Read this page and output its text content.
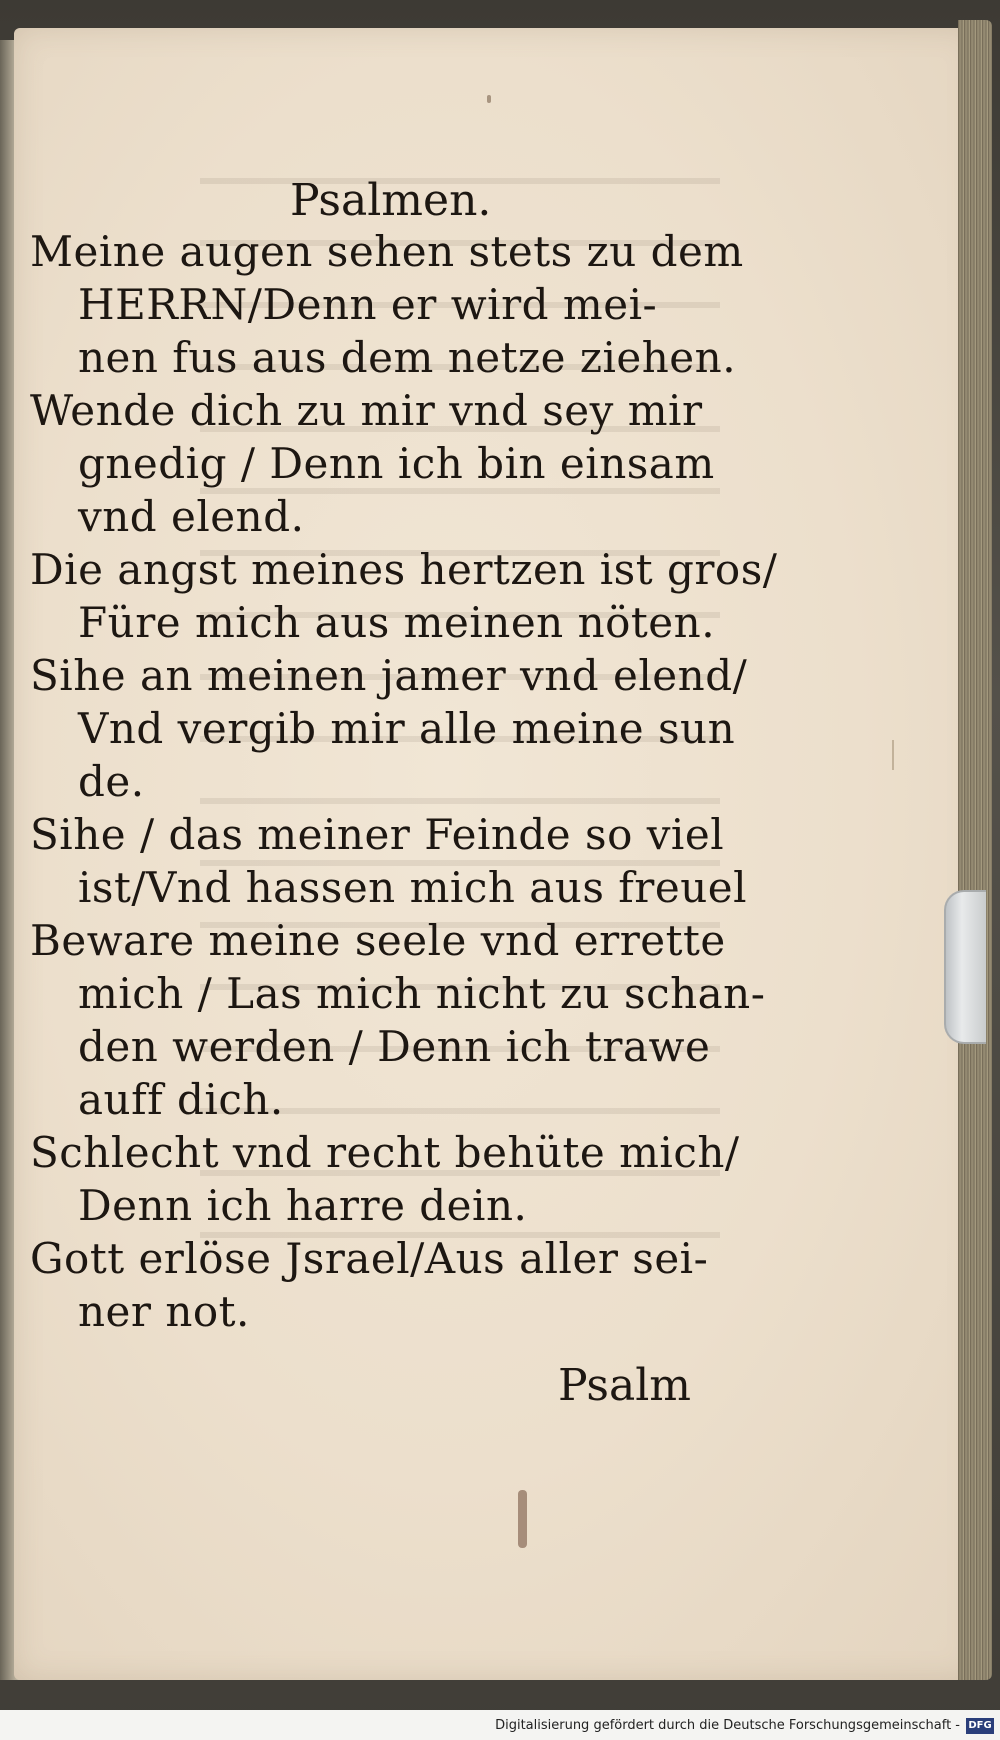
Psalmen.
Meine augen sehen stets zu dem
HERRN/Denn er wird mei-
nen fus aus dem netze ziehen.
Wende dich zu mir vnd sey mir
gnedig / Denn ich bin einsam
vnd elend.
Die angst meines hertzen ist gros/
Füre mich aus meinen nöten.
Sihe an meinen jamer vnd elend/
Vnd vergib mir alle meine sun
de.
Sihe / das meiner Feinde so viel
ist/Vnd hassen mich aus freuel
Beware meine seele vnd errette
mich / Las mich nicht zu schan-
den werden / Denn ich trawe
auff dich.
Schlecht vnd recht behüte mich/
Denn ich harre dein.
Gott erlöse Jsrael/Aus aller sei-
ner not.
Psalm
Digitalisierung gefördert durch die Deutsche Forschungsgemeinschaft - DFG
